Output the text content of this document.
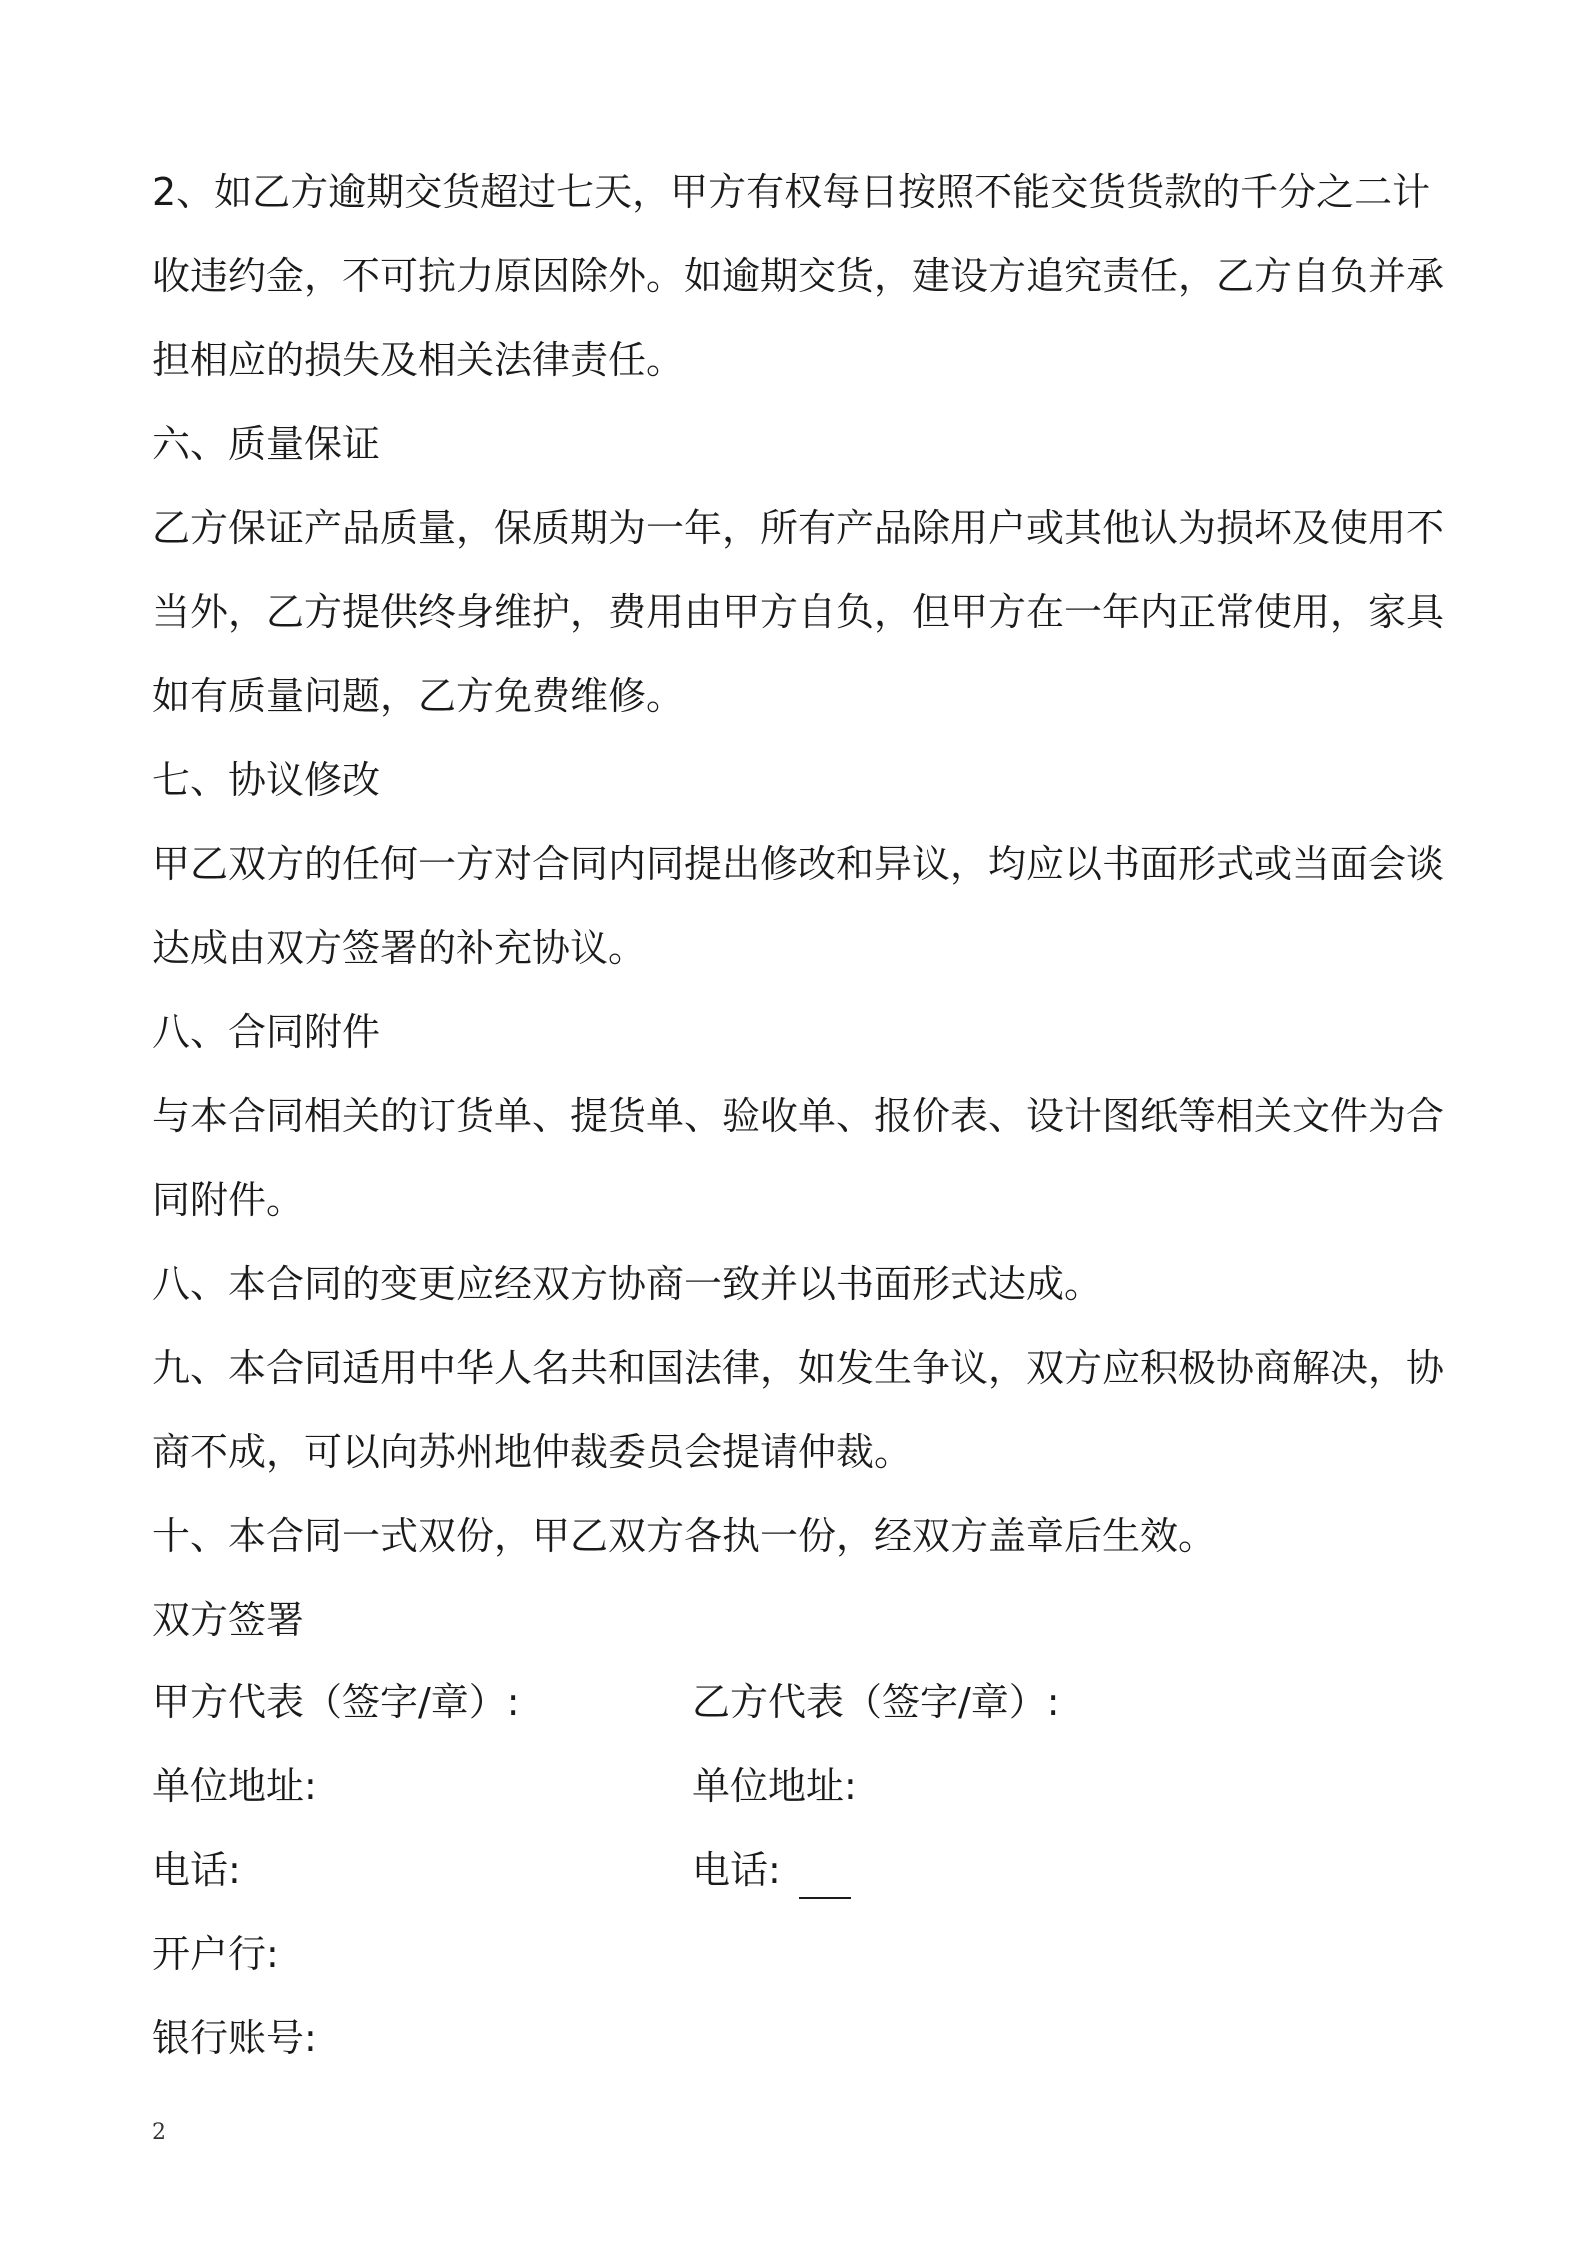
2、如乙方逾期交货超过七天，甲方有权每日按照不能交货货款的千分之二计收违约金，不可抗力原因除外。如逾期交货，建设方追究责任，乙方自负并承担相应的损失及相关法律责任。

六、质量保证

乙方保证产品质量，保质期为一年，所有产品除用户或其他认为损坏及使用不当外，乙方提供终身维护，费用由甲方自负，但甲方在一年内正常使用，家具如有质量问题，乙方免费维修。

七、协议修改

甲乙双方的任何一方对合同内同提出修改和异议，均应以书面形式或当面会谈达成由双方签署的补充协议。

八、合同附件

与本合同相关的订货单、提货单、验收单、报价表、设计图纸等相关文件为合同附件。

八、本合同的变更应经双方协商一致并以书面形式达成。

九、本合同适用中华人名共和国法律，如发生争议，双方应积极协商解决，协商不成，可以向苏州地仲裁委员会提请仲裁。

十、本合同一式双份，甲乙双方各执一份，经双方盖章后生效。

双方签署

甲方代表（签字/章）:	乙方代表（签字/章）:
单位地址:	单位地址:
电话:	电话:
开户行:
银行账号:
2
